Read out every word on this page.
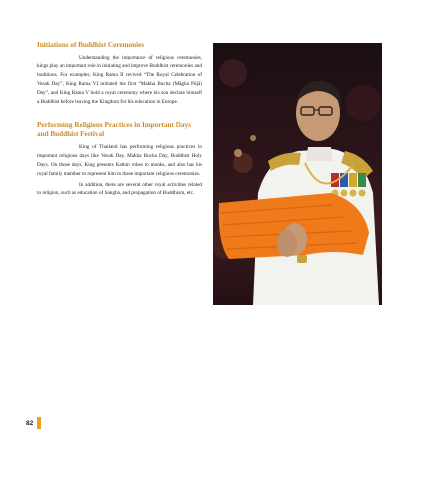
Initiations of Buddhist Ceremonies

Understanding the importance of religious ceremonies, kings play an important role in initiating and improve Buddhist ceremonies and traditions. For examples, King Rama II revived “The Royal Celebration of Vesak Day”, King Rama VI initiated the first “Makha Bucha (Māgha Pūjā) Day”, and King Rama V hold a royal ceremony where his son declare himself a Buddhist before leaving the Kingdom for his education in Europe.

Performing Religious Practices in Important Days and Buddhist Festival

King of Thailand has performing religious practices in important religious days like Vesak Day, Makha Bucha Day, Buddhist Holy Days. On those days, King presents Kathin robes to monks, and also has his royal family member to represent him in these important religious ceremonies.

In addition, there are several other royal activities related to religion, such as education of Sangha, and propagation of Buddhism, etc.

82
